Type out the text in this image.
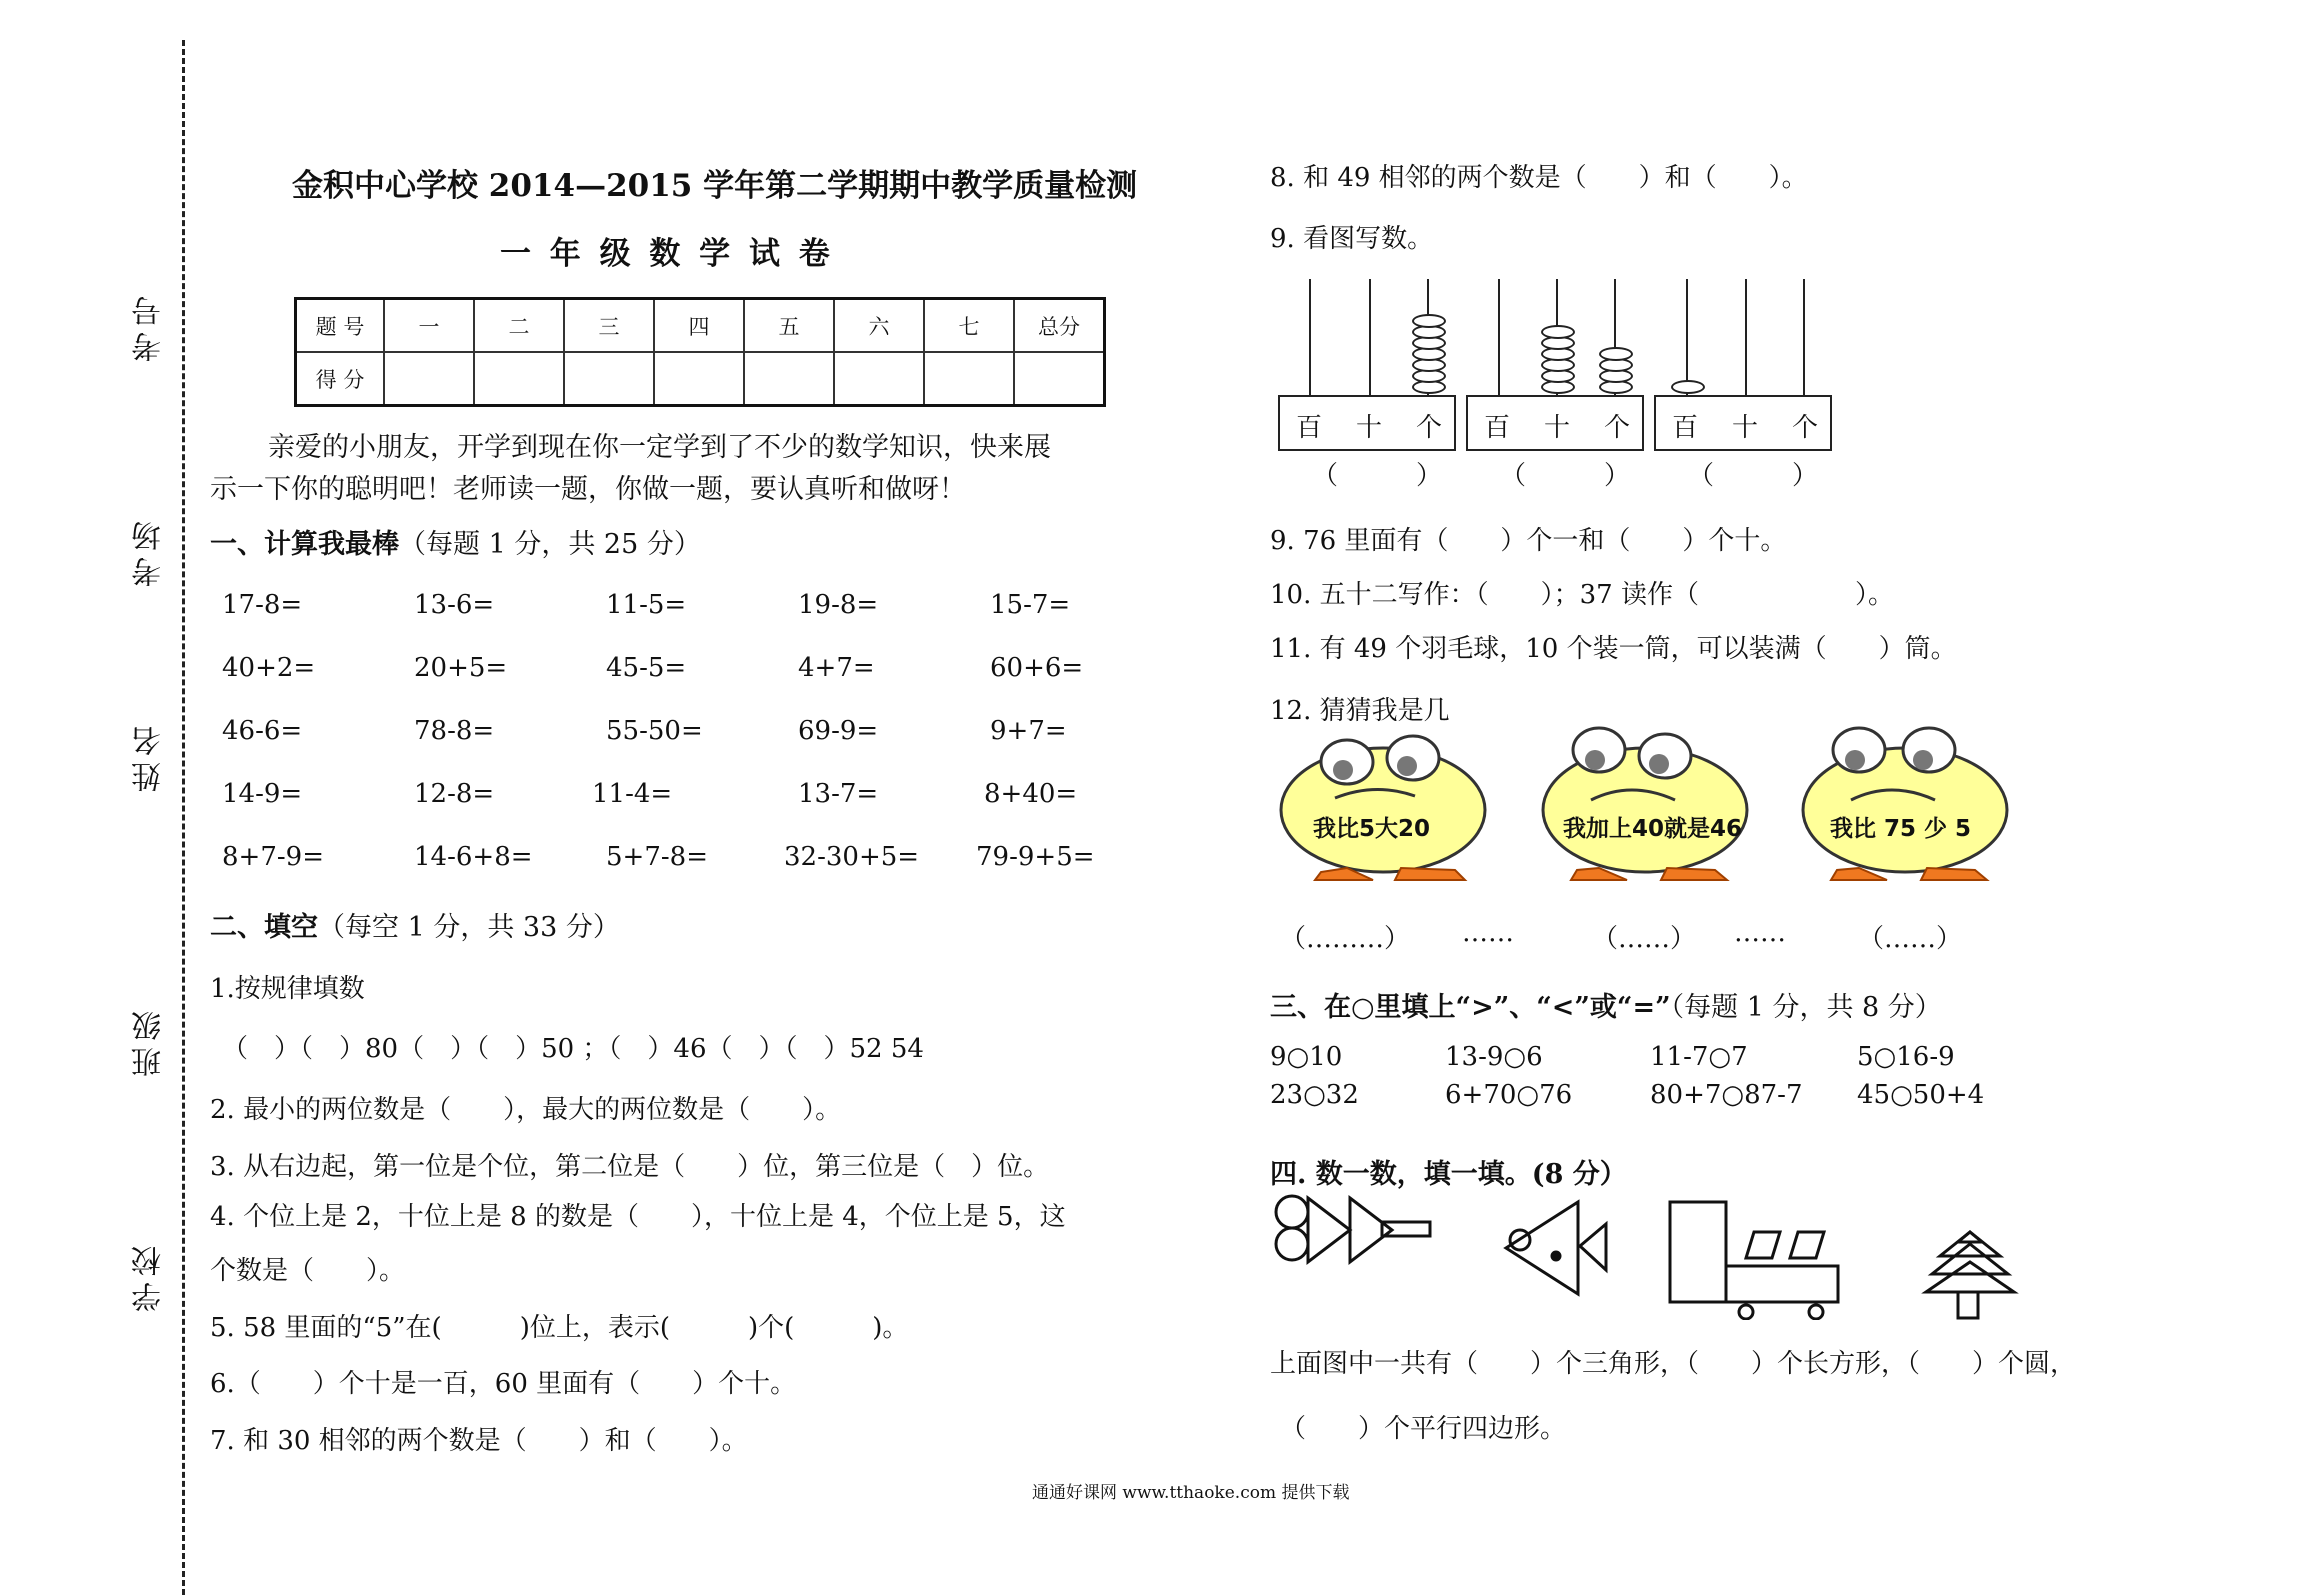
考号
考场
姓名
班级
学校
金积中心学校 2014—2015 学年第二学期期中教学质量检测
一 年 级 数 学 试 卷
题 号	一	二	三	四	五	六	七	总分
得 分								
亲爱的小朋友，开学到现在你一定学到了不少的数学知识，快来展
示一下你的聪明吧！老师读一题，你做一题，要认真听和做呀！
一、计算我最棒（每题 1 分，共 25 分）
17-8=	13-6=	11-5=	19-8=	15-7=
40+2=	20+5=	45-5=	4+7=	60+6=
46-6=	78-8=	55-50=	69-9=	9+7=
14-9=	12-8=	11-4=	13-7=	8+40=
8+7-9=	14-6+8=	5+7-8=	32-30+5= 79-9+5=
二、填空（每空 1 分，共 33 分）
1.按规律填数
（　）（　）80（　）（　）50 ；（　）46（　）（　）52 54
2. 最小的两位数是（　　），最大的两位数是（　　）。
3. 从右边起，第一位是个位，第二位是（　　）位，第三位是（　）位。
4. 个位上是 2，十位上是 8 的数是（　　），十位上是 4，个位上是 5，这
个数是（　　）。
5. 58 里面的“5”在(　　　)位上，表示(　　　)个(　　　)。
6.（　　）个十是一百，60 里面有（　　）个十。
7. 和 30 相邻的两个数是（　　）和（　　）。
8. 和 49 相邻的两个数是（　　）和（　　）。
9. 看图写数。
百 十 个
（　　　）
百 十 个
（　　　）
百 十 个
（　　　）
9. 76 里面有（　　）个一和（　　）个十。
10. 五十二写作：（　　）；37 读作（　　　　　　）。
11. 有 49 个羽毛球，10 个装一筒，可以装满（　　）筒。
12. 猜猜我是几
我比5大20	我加上40就是46	我比 75 少 5
（………） ……	（……） ……	（……）
三、在○里填上“>”、“<”或“=”（每题 1 分，共 8 分）
9○10	13-9○6	11-7○7	5○16-9
23○32	6+70○76	80+7○87-7 45○50+4
四. 数一数，填一填。(8 分）
上面图中一共有（　　）个三角形，（　　）个长方形，（　　）个圆，
（　　）个平行四边形。
通通好课网 www.tthaoke.com 提供下载
